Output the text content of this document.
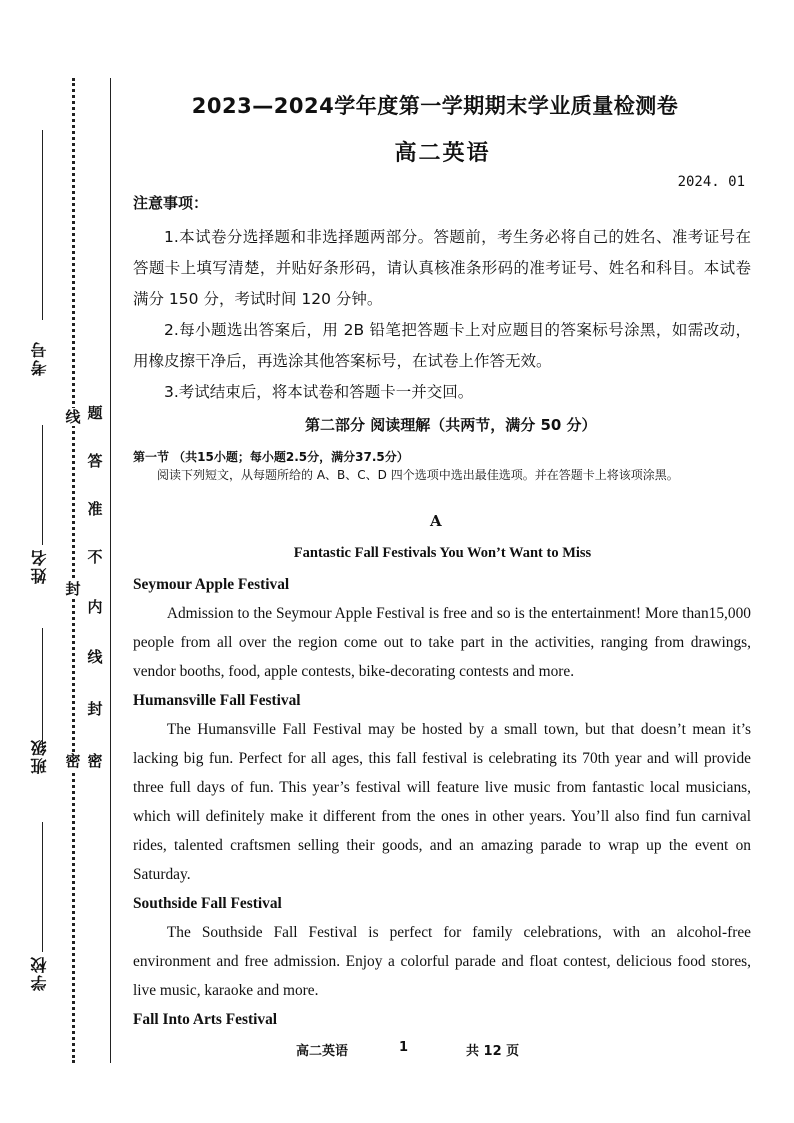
考号
姓名
班级
学校
线
封
密
题
答
准
不
内
线
封
密
2023—2024学年度第一学期期末学业质量检测卷
高二英语
2024. 01
注意事项：

1.本试卷分选择题和非选择题两部分。答题前，考生务必将自己的姓名、准考证号在答题卡上填写清楚，并贴好条形码，请认真核准条形码的准考证号、姓名和科目。本试卷满分 150 分，考试时间 120 分钟。

2.每小题选出答案后，用 2B 铅笔把答题卡上对应题目的答案标号涂黑，如需改动，用橡皮擦干净后，再选涂其他答案标号，在试卷上作答无效。

3.考试结束后，将本试卷和答题卡一并交回。

第二部分 阅读理解（共两节，满分 50 分）
第一节 （共15小题；每小题2.5分，满分37.5分）
阅读下列短文，从每题所给的 A、B、C、D 四个选项中选出最佳选项。并在答题卡上将该项涂黑。
A
Fantastic Fall Festivals You Won’t Want to Miss

Seymour Apple Festival

Admission to the Seymour Apple Festival is free and so is the entertainment! More than15,000 people from all over the region come out to take part in the activities, ranging from drawings, vendor booths, food, apple contests, bike-decorating contests and more.

Humansville Fall Festival

The Humansville Fall Festival may be hosted by a small town, but that doesn’t mean it’s lacking big fun. Perfect for all ages, this fall festival is celebrating its 70th year and will provide three full days of fun. This year’s festival will feature live music from fantastic local musicians, which will definitely make it different from the ones in other years. You’ll also find fun carnival rides, talented craftsmen selling their goods, and an amazing parade to wrap up the event on Saturday.

Southside Fall Festival

The Southside Fall Festival is perfect for family celebrations, with an alcohol-free environment and free admission. Enjoy a colorful parade and float contest, delicious food stores, live music, karaoke and more.

Fall Into Arts Festival

高二英语	1	共 12 页
